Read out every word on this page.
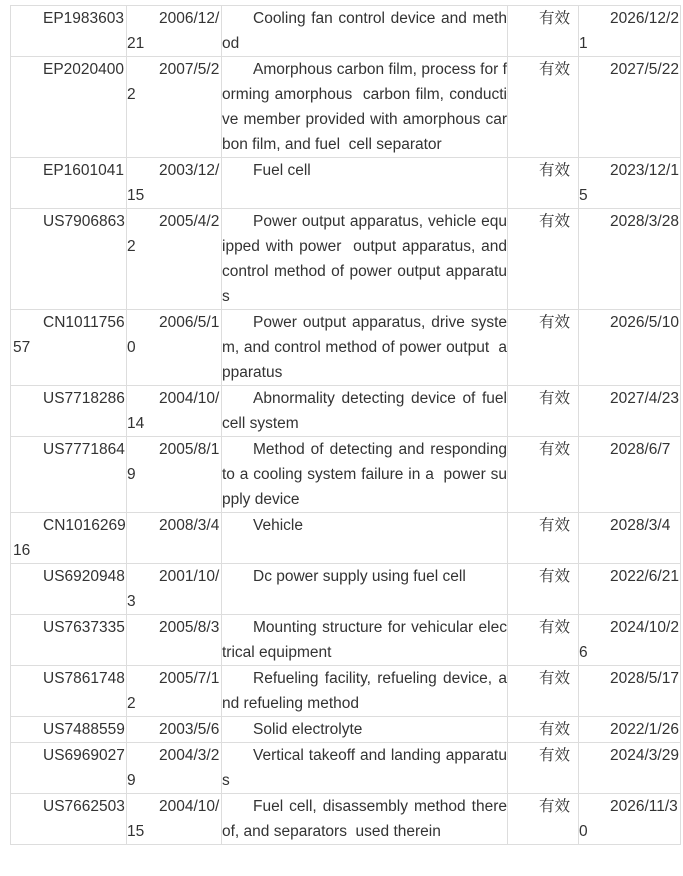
EP1983603	2006/12/21	Cooling fan control device and method	有效	2026/12/21
EP2020400	2007/5/22	Amorphous carbon film, process for forming amorphous  carbon film, conductive member provided with amorphous carbon film, and fuel  cell separator	有效	2027/5/22
EP1601041	2003/12/15	Fuel cell	有效	2023/12/15
US7906863	2005/4/22	Power output apparatus, vehicle equipped with power  output apparatus, and control method of power output apparatus	有效	2028/3/28
CN101175657	2006/5/10	Power output apparatus, drive system, and control method of power output  apparatus	有效	2026/5/10
US7718286	2004/10/14	Abnormality detecting device of fuel cell system	有效	2027/4/23
US7771864	2005/8/19	Method of detecting and responding to a cooling system failure in a  power supply device	有效	2028/6/7
CN101626916	2008/3/4	Vehicle	有效	2028/3/4
US6920948	2001/10/3	Dc power supply using fuel cell	有效	2022/6/21
US7637335	2005/8/3	Mounting structure for vehicular electrical equipment	有效	2024/10/26
US7861748	2005/7/12	Refueling facility, refueling device, and refueling method	有效	2028/5/17
US7488559	2003/5/6	Solid electrolyte	有效	2022/1/26
US6969027	2004/3/29	Vertical takeoff and landing apparatus	有效	2024/3/29
US7662503	2004/10/15	Fuel cell, disassembly method thereof, and separators  used therein	有效	2026/11/30
